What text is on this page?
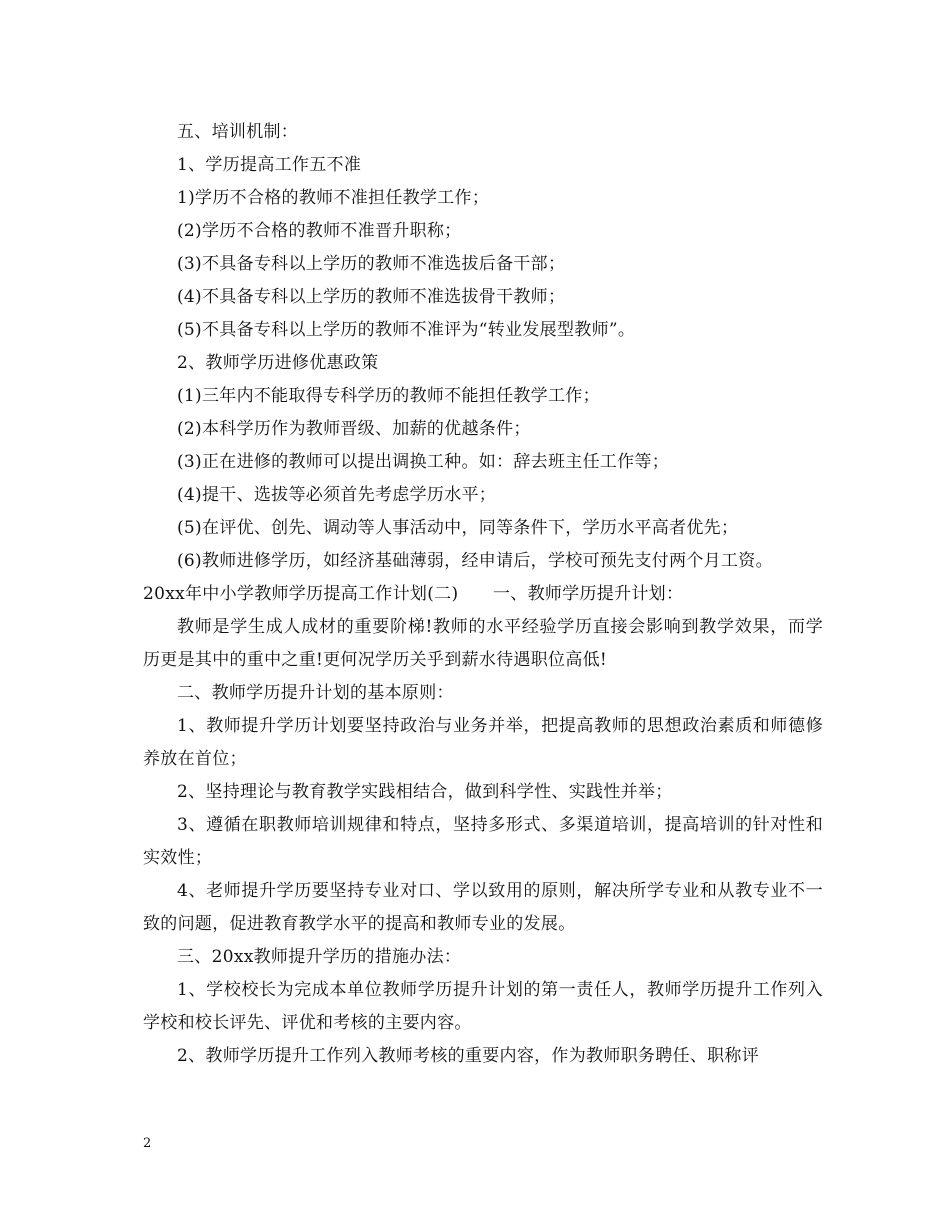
五、培训机制：
1、学历提高工作五不准
1)学历不合格的教师不准担任教学工作；
(2)学历不合格的教师不准晋升职称；
(3)不具备专科以上学历的教师不准选拔后备干部；
(4)不具备专科以上学历的教师不准选拔骨干教师；
(5)不具备专科以上学历的教师不准评为“转业发展型教师”。
2、教师学历进修优惠政策
(1)三年内不能取得专科学历的教师不能担任教学工作；
(2)本科学历作为教师晋级、加薪的优越条件；
(3)正在进修的教师可以提出调换工种。如：辞去班主任工作等；
(4)提干、选拔等必须首先考虑学历水平；
(5)在评优、创先、调动等人事活动中，同等条件下，学历水平高者优先；
(6)教师进修学历，如经济基础薄弱，经申请后，学校可预先支付两个月工资。
20xx年中小学教师学历提高工作计划(二)　　一、教师学历提升计划：
教师是学生成人成材的重要阶梯!教师的水平经验学历直接会影响到教学效果，而学历更是其中的重中之重!更何况学历关乎到薪水待遇职位高低!
二、教师学历提升计划的基本原则：
1、教师提升学历计划要坚持政治与业务并举，把提高教师的思想政治素质和师德修养放在首位；
2、坚持理论与教育教学实践相结合，做到科学性、实践性并举；
3、遵循在职教师培训规律和特点，坚持多形式、多渠道培训，提高培训的针对性和实效性；
4、老师提升学历要坚持专业对口、学以致用的原则，解决所学专业和从教专业不一致的问题，促进教育教学水平的提高和教师专业的发展。
三、20xx教师提升学历的措施办法：
1、学校校长为完成本单位教师学历提升计划的第一责任人，教师学历提升工作列入学校和校长评先、评优和考核的主要内容。
2、教师学历提升工作列入教师考核的重要内容，作为教师职务聘任、职称评
2
